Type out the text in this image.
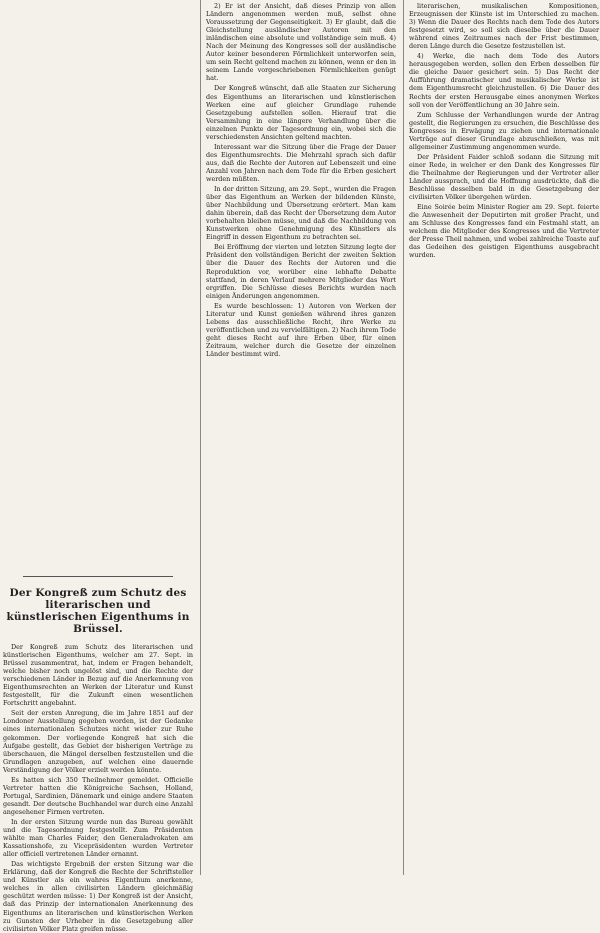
Der Kongreß zum Schutz des literarischen und künstlerischen Eigenthums in Brüssel.

Der Kongreß zum Schutz des literarischen und künstlerischen Eigenthums, welcher am 27. Sept. in Brüssel zusammentrat, hat, indem er Fragen behandelt, welche bisher noch ungelöst sind, und die Rechte der verschiedenen Länder in Bezug auf die Anerkennung von Eigenthumsrechten an Werken der Literatur und Kunst festgestellt, für die Zukunft einen wesentlichen Fortschritt angebahnt.

Seit der ersten Anregung, die im Jahre 1851 auf der Londoner Ausstellung gegeben worden, ist der Gedanke eines internationalen Schutzes nicht wieder zur Ruhe gekommen. Der vorliegende Kongreß hat sich die Aufgabe gestellt, das Gebiet der bisherigen Verträge zu überschauen, die Mängel derselben festzustellen und die Grundlagen anzugeben, auf welchen eine dauernde Verständigung der Völker erzielt werden könnte.

Es hatten sich 350 Theilnehmer gemeldet. Officielle Vertreter hatten die Königreiche Sachsen, Holland, Portugal, Sardinien, Dänemark und einige andere Staaten gesandt. Der deutsche Buchhandel war durch eine Anzahl angesehener Firmen vertreten.

In der ersten Sitzung wurde nun das Bureau gewählt und die Tagesordnung festgestellt. Zum Präsidenten wählte man Charles Faider, den Generaladvokaten am Kassationshofe, zu Vicepräsidenten wurden Vertreter aller officiell vertretenen Länder ernannt.

Das wichtigste Ergebniß der ersten Sitzung war die Erklärung, daß der Kongreß die Rechte der Schriftsteller und Künstler als ein wahres Eigenthum anerkenne, welches in allen civilisirten Ländern gleichmäßig geschützt werden müsse: 1) Der Kongreß ist der Ansicht, daß das Prinzip der internationalen Anerkennung des Eigenthums an literarischen und künstlerischen Werken zu Gunsten der Urheber in die Gesetzgebung aller civilisirten Völker Platz greifen müsse.

2) Er ist der Ansicht, daß dieses Prinzip von allen Ländern angenommen werden muß, selbst ohne Voraussetzung der Gegenseitigkeit. 3) Er glaubt, daß die Gleichstellung ausländischer Autoren mit den inländischen eine absolute und vollständige sein muß. 4) Nach der Meinung des Kongresses soll der ausländische Autor keiner besonderen Förmlichkeit unterworfen sein, um sein Recht geltend machen zu können, wenn er den in seinem Lande vorgeschriebenen Förmlichkeiten genügt hat.

Der Kongreß wünscht, daß alle Staaten zur Sicherung des Eigenthums an literarischen und künstlerischen Werken eine auf gleicher Grundlage ruhende Gesetzgebung aufstellen sollen. Hierauf trat die Versammlung in eine längere Verhandlung über die einzelnen Punkte der Tagesordnung ein, wobei sich die verschiedensten Ansichten geltend machten.

Interessant war die Sitzung über die Frage der Dauer des Eigenthumsrechts. Die Mehrzahl sprach sich dafür aus, daß die Rechte der Autoren auf Lebenszeit und eine Anzahl von Jahren nach dem Tode für die Erben gesichert werden müßten.

In der dritten Sitzung, am 29. Sept., wurden die Fragen über das Eigenthum an Werken der bildenden Künste, über Nachbildung und Übersetzung erörtert. Man kam dahin überein, daß das Recht der Übersetzung dem Autor vorbehalten bleiben müsse, und daß die Nachbildung von Kunstwerken ohne Genehmigung des Künstlers als Eingriff in dessen Eigenthum zu betrachten sei.

Bei Eröffnung der vierten und letzten Sitzung legte der Präsident den vollständigen Bericht der zweiten Sektion über die Dauer des Rechts der Autoren und die Reproduktion vor, worüber eine lebhafte Debatte stattfand, in deren Verlauf mehrere Mitglieder das Wort ergriffen. Die Schlüsse dieses Berichts wurden nach einigen Änderungen angenommen.

Es wurde beschlossen: 1) Autoren von Werken der Literatur und Kunst genießen während ihres ganzen Lebens das ausschließliche Recht, ihre Werke zu veröffentlichen und zu vervielfältigen. 2) Nach ihrem Tode geht dieses Recht auf ihre Erben über, für einen Zeitraum, welcher durch die Gesetze der einzelnen Länder bestimmt wird.

literarischen, musikalischen Kompositionen, Erzeugnissen der Künste ist im Unterschied zu machen. 3) Wenn die Dauer des Rechts nach dem Tode des Autors festgesetzt wird, so soll sich dieselbe über die Dauer während eines Zeitraumes nach der Frist bestimmen, deren Länge durch die Gesetze festzustellen ist.

4) Werke, die nach dem Tode des Autors herausgegeben werden, sollen den Erben desselben für die gleiche Dauer gesichert sein. 5) Das Recht der Aufführung dramatischer und musikalischer Werke ist dem Eigenthumsrecht gleichzustellen. 6) Die Dauer des Rechts der ersten Herausgabe eines anonymen Werkes soll von der Veröffentlichung an 30 Jahre sein.

Zum Schlusse der Verhandlungen wurde der Antrag gestellt, die Regierungen zu ersuchen, die Beschlüsse des Kongresses in Erwägung zu ziehen und internationale Verträge auf dieser Grundlage abzuschließen, was mit allgemeiner Zustimmung angenommen wurde.

Der Präsident Faider schloß sodann die Sitzung mit einer Rede, in welcher er den Dank des Kongresses für die Theilnahme der Regierungen und der Vertreter aller Länder aussprach, und die Hoffnung ausdrückte, daß die Beschlüsse desselben bald in die Gesetzgebung der civilisirten Völker übergehen würden.

Eine Soirée beim Minister Rogier am 29. Sept. feierte die Anwesenheit der Deputirten mit großer Pracht, und am Schlusse des Kongresses fand ein Festmahl statt, an welchem die Mitglieder des Kongresses und die Vertreter der Presse Theil nahmen, und wobei zahlreiche Toaste auf das Gedeihen des geistigen Eigenthums ausgebracht wurden.
